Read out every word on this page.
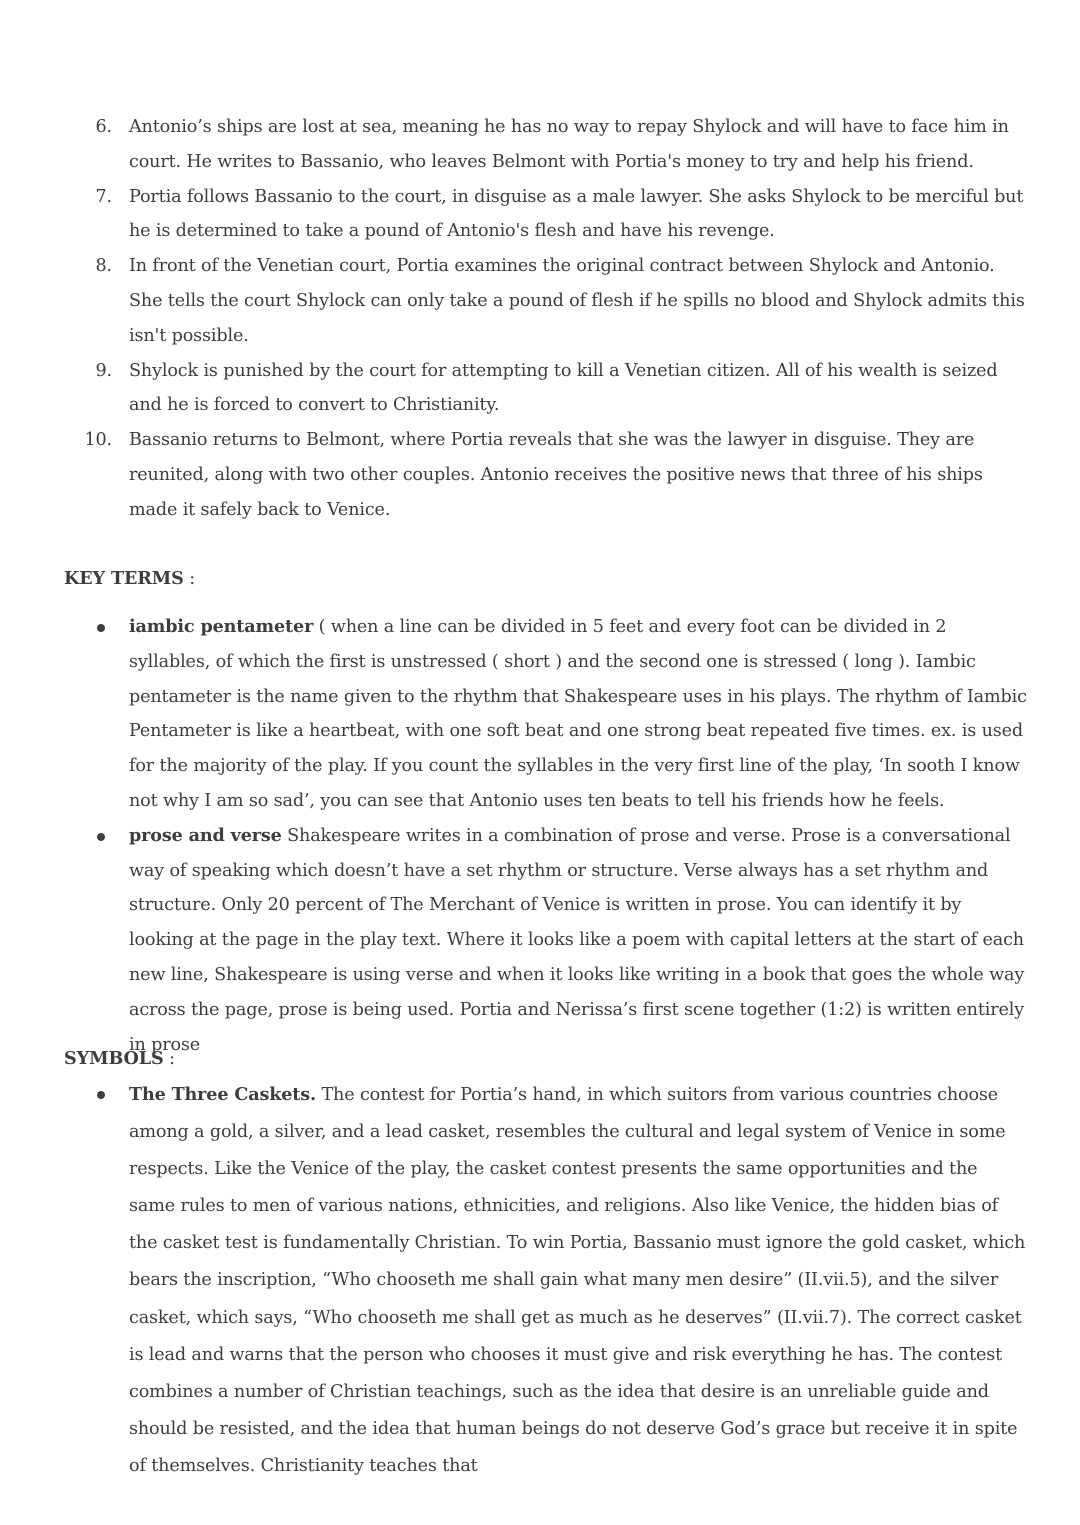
6. Antonio’s ships are lost at sea, meaning he has no way to repay Shylock and will have to face him in court. He writes to Bassanio, who leaves Belmont with Portia's money to try and help his friend.
7. Portia follows Bassanio to the court, in disguise as a male lawyer. She asks Shylock to be merciful but he is determined to take a pound of Antonio's flesh and have his revenge.
8. In front of the Venetian court, Portia examines the original contract between Shylock and Antonio. She tells the court Shylock can only take a pound of flesh if he spills no blood and Shylock admits this isn't possible.
9. Shylock is punished by the court for attempting to kill a Venetian citizen. All of his wealth is seized and he is forced to convert to Christianity.
10. Bassanio returns to Belmont, where Portia reveals that she was the lawyer in disguise. They are reunited, along with two other couples. Antonio receives the positive news that three of his ships made it safely back to Venice.
KEY TERMS :
iambic pentameter ( when a line can be divided in 5 feet and every foot can be divided in 2 syllables, of which the first is unstressed ( short ) and the second one is stressed ( long ). Iambic pentameter is the name given to the rhythm that Shakespeare uses in his plays. The rhythm of Iambic Pentameter is like a heartbeat, with one soft beat and one strong beat repeated five times. ex. is used for the majority of the play. If you count the syllables in the very first line of the play, ‘In sooth I know not why I am so sad’, you can see that Antonio uses ten beats to tell his friends how he feels.
prose and verse Shakespeare writes in a combination of prose and verse. Prose is a conversational way of speaking which doesn’t have a set rhythm or structure. Verse always has a set rhythm and structure. Only 20 percent of The Merchant of Venice is written in prose. You can identify it by looking at the page in the play text. Where it looks like a poem with capital letters at the start of each new line, Shakespeare is using verse and when it looks like writing in a book that goes the whole way across the page, prose is being used. Portia and Nerissa’s first scene together (1:2) is written entirely in prose
SYMBOLS :
The Three Caskets. The contest for Portia’s hand, in which suitors from various countries choose among a gold, a silver, and a lead casket, resembles the cultural and legal system of Venice in some respects. Like the Venice of the play, the casket contest presents the same opportunities and the same rules to men of various nations, ethnicities, and religions. Also like Venice, the hidden bias of the casket test is fundamentally Christian. To win Portia, Bassanio must ignore the gold casket, which bears the inscription, “Who chooseth me shall gain what many men desire” (II.vii.5), and the silver casket, which says, “Who chooseth me shall get as much as he deserves” (II.vii.7). The correct casket is lead and warns that the person who chooses it must give and risk everything he has. The contest combines a number of Christian teachings, such as the idea that desire is an unreliable guide and should be resisted, and the idea that human beings do not deserve God’s grace but receive it in spite of themselves. Christianity teaches that
